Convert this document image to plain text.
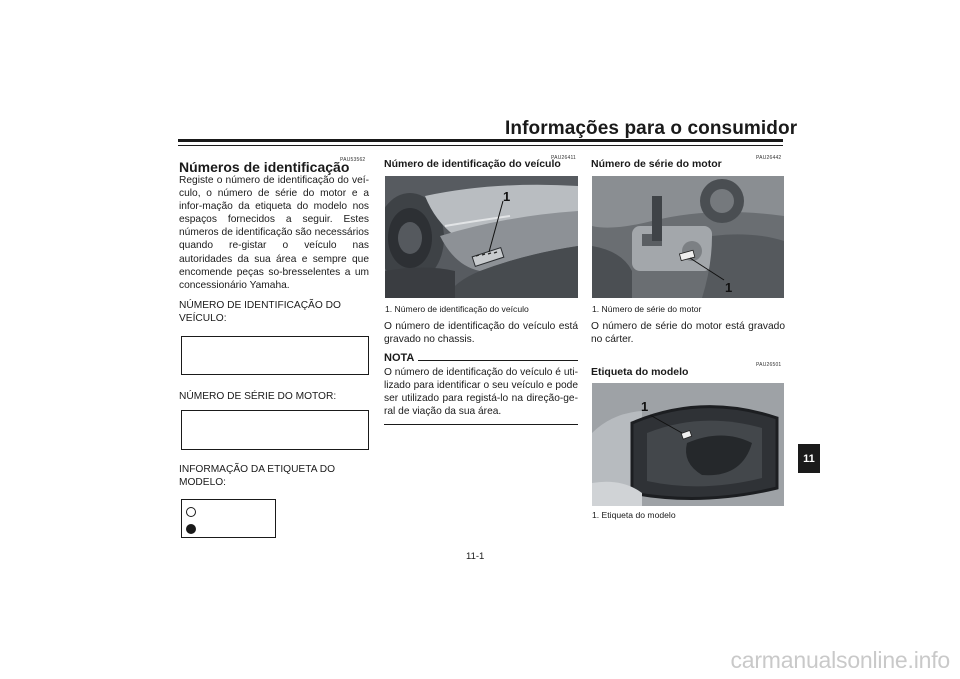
Informações para o consumidor
PAU53562
Números de identificação
Registe o número de identificação do veí-culo, o número de série do motor e a infor-mação da etiqueta do modelo nos espaços fornecidos a seguir. Estes números de identificação são necessários quando re-gistar o veículo nas autoridades da sua área e sempre que encomende peças so-bresselentes a um concessionário Yamaha.
NÚMERO DE IDENTIFICAÇÃO DO VEÍCULO:
NÚMERO DE SÉRIE DO MOTOR:
INFORMAÇÃO DA ETIQUETA DO MODELO:
PAU26411
Número de identificação do veículo
1
1. Número de identificação do veículo
O número de identificação do veículo está gravado no chassis.
NOTA
O número de identificação do veículo é uti-lizado para identificar o seu veículo e pode ser utilizado para registá-lo na direção-ge-ral de viação da sua área.
PAU26442
Número de série do motor
1
1. Número de série do motor
O número de série do motor está gravado no cárter.
PAU26501
Etiqueta do modelo
1
1. Etiqueta do modelo
11
11-1
carmanualsonline.info
